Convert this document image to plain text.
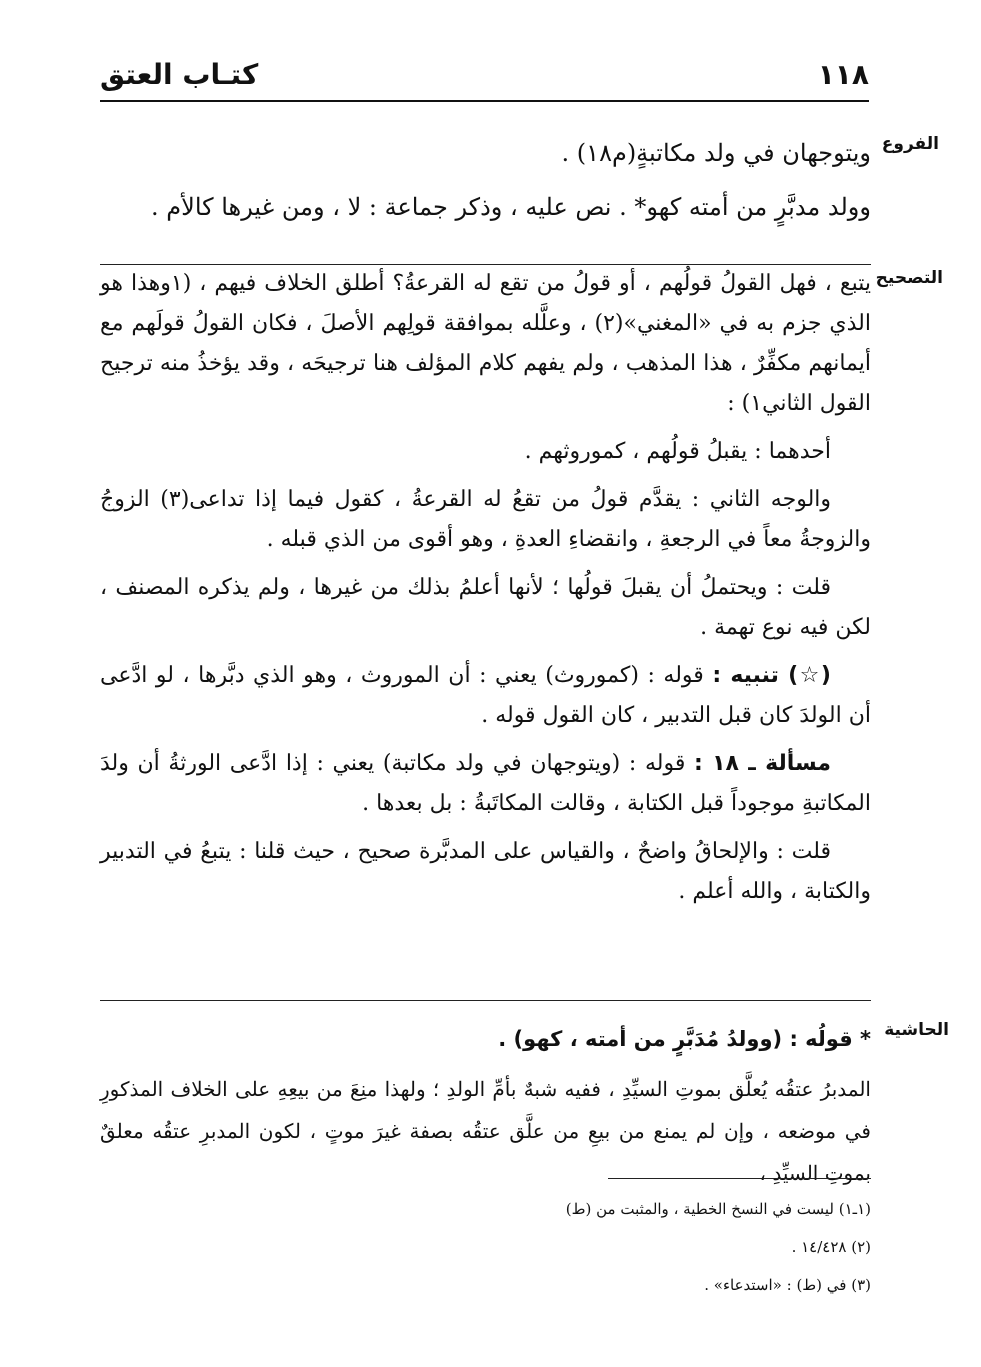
١١٨
كتـاب العتق
الفروع

ويتوجهان في ولد مكاتبةٍ(م١٨) .

وولد مدبَّرٍ من أمته كهو* . نص عليه ، وذكر جماعة : لا ، ومن غيرها كالأم .

التصحيح

يتبع ، فهل القولُ قولُهم ، أو قولُ من تقع له القرعةُ؟ أطلق الخلاف فيهم ، (١وهذا هو الذي جزم به في «المغني»(٢) ، وعلَّله بموافقة قولِهم الأصلَ ، فكان القولُ قولَهم مع أيمانهم مكفِّرٌ ، هذا المذهب ، ولم يفهم كلام المؤلف هنا ترجيحَه ، وقد يؤخذُ منه ترجيح القول الثاني١) :

أحدهما : يقبلُ قولُهم ، كموروثهم .

والوجه الثاني : يقدَّم قولُ من تقعُ له القرعةُ ، كقول فيما إذا تداعى(٣) الزوجُ والزوجةُ معاً في الرجعةِ ، وانقضاءِ العدةِ ، وهو أقوى من الذي قبله .

قلت : ويحتملُ أن يقبلَ قولُها ؛ لأنها أعلمُ بذلك من غيرها ، ولم يذكره المصنف ، لكن فيه نوع تهمة .

(☆) تنبيه : قوله : (كموروث) يعني : أن الموروث ، وهو الذي دبَّرها ، لو ادَّعى أن الولدَ كان قبل التدبير ، كان القول قوله .

مسألة ـ ١٨ : قوله : (ويتوجهان في ولد مكاتبة) يعني : إذا ادَّعى الورثةُ أن ولدَ المكاتبةِ موجوداً قبل الكتابة ، وقالت المكاتَبةُ : بل بعدها .

قلت : والإلحاقُ واضحٌ ، والقياس على المدبَّرة صحيح ، حيث قلنا : يتبعُ في التدبير والكتابة ، والله أعلم .

الحاشية

* قولُه : (وولدُ مُدَبَّرٍ من أمته ، كهو) .

المدبرُ عتقُه يُعلَّق بموتِ السيِّدِ ، ففيه شبهٌ بأمِّ الولدِ ؛ ولهذا منِعَ من بيعِهِ على الخلاف المذكورِ في موضعه ، وإن لم يمنع من بيعِ من علَّق عتقُه بصفة غيرَ موتٍ ، لكون المدبرِ عتقُه معلقٌ بموتِ السيِّدِ ،

(١ـ١) ليست في النسخ الخطية ، والمثبت من (ط)

(٢) ١٤/٤٢٨ .

(٣) في (ط) : «استدعاء» .
